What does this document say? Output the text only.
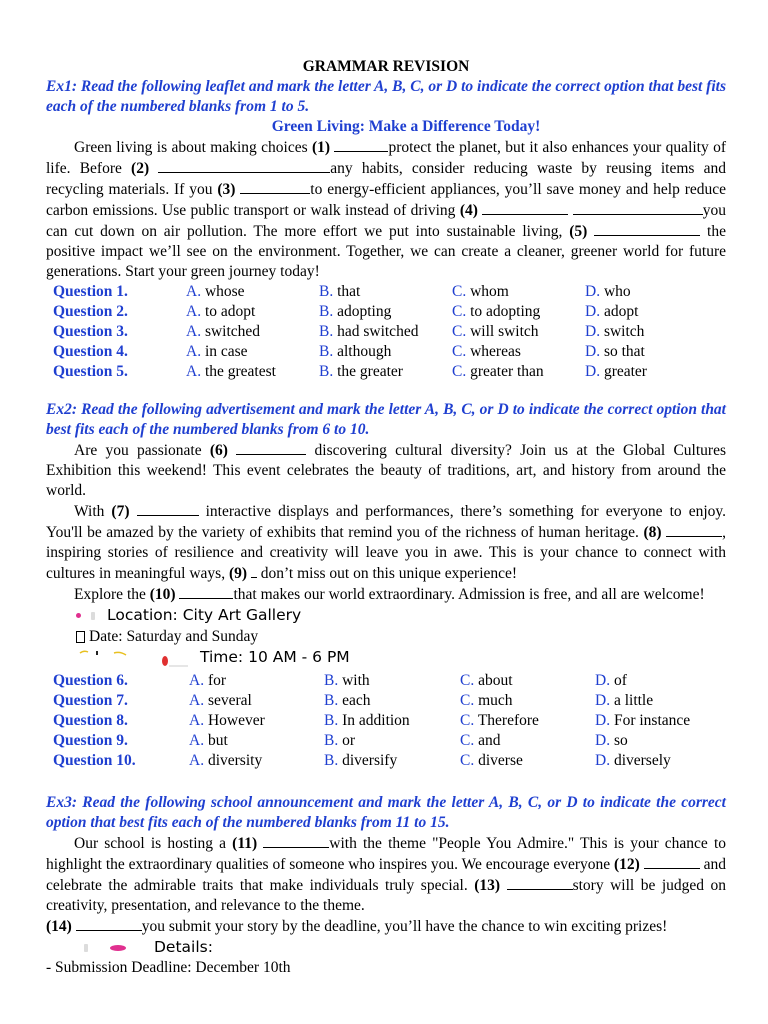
GRAMMAR REVISION
Ex1: Read the following leaflet and mark the letter A, B, C, or D to indicate the correct option that best fits each of the numbered blanks from 1 to 5.
Green Living: Make a Difference Today!
Green living is about making choices (1)	protect the planet, but it also enhances your quality of life. Before (2)	any habits, consider reducing waste by reusing items and recycling materials. If you (3)	to energy-efficient appliances, you’ll save money and help reduce carbon emissions. Use public transport or walk instead of driving (4)	you can cut down on air pollution. The more effort we put into sustainable living, (5)	the positive impact we’ll see on the environment. Together, we can create a cleaner, greener world for future generations. Start your green journey today!
Question 1.	A. whose	B. that	C. whom	D. who
Question 2.	A. to adopt	B. adopting	C. to adopting	D. adopt
Question 3.	A. switched	B. had switched	C. will switch	D. switch
Question 4.	A. in case	B. although	C. whereas	D. so that
Question 5.	A. the greatest	B. the greater	C. greater than	D. greater
Ex2: Read the following advertisement and mark the letter A, B, C, or D to indicate the correct option that best fits each of the numbered blanks from 6 to 10.
Are you passionate (6)	discovering cultural diversity? Join us at the Global Cultures Exhibition this weekend! This event celebrates the beauty of traditions, art, and history from around the world.
With (7)	interactive displays and performances, there’s something for everyone to enjoy. You'll be amazed by the variety of exhibits that remind you of the richness of human heritage. (8)	, inspiring stories of resilience and creativity will leave you in awe. This is your chance to connect with cultures in meaningful ways, (9)  don’t miss out on this unique experience!
Explore the (10)	that makes our world extraordinary. Admission is free, and all are welcome!
Location: City Art Gallery
Date: Saturday and Sunday
Time: 10 AM - 6 PM
Question 6.	A. for	B. with	C. about	D. of
Question 7.	A. several	B. each	C. much	D. a little
Question 8.	A. However	B. In addition	C. Therefore	D. For instance
Question 9.	A. but	B. or	C. and	D. so
Question 10.	A. diversity	B. diversify	C. diverse	D. diversely
Ex3: Read the following school announcement and mark the letter A, B, C, or D to indicate the correct option that best fits each of the numbered blanks from 11 to 15.
Our school is hosting a (11)	with the theme "People You Admire." This is your chance to highlight the extraordinary qualities of someone who inspires you. We encourage everyone (12)	and celebrate the admirable traits that make individuals truly special. (13)	story will be judged on creativity, presentation, and relevance to the theme.
(14)	you submit your story by the deadline, you’ll have the chance to win exciting prizes!
Details:
- Submission Deadline: December 10th
